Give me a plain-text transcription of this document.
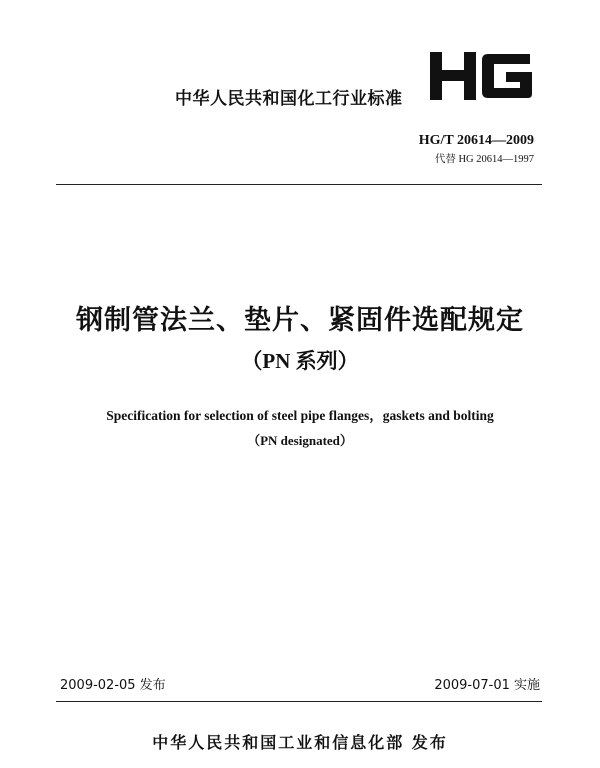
中华人民共和国化工行业标准
HG/T 20614—2009
代替 HG 20614—1997
钢制管法兰、垫片、紧固件选配规定
（PN 系列）
Specification for selection of steel pipe flanges，gaskets and bolting
（PN designated）
2009-02-05 发布	2009-07-01 实施
中华人民共和国工业和信息化部 发布
